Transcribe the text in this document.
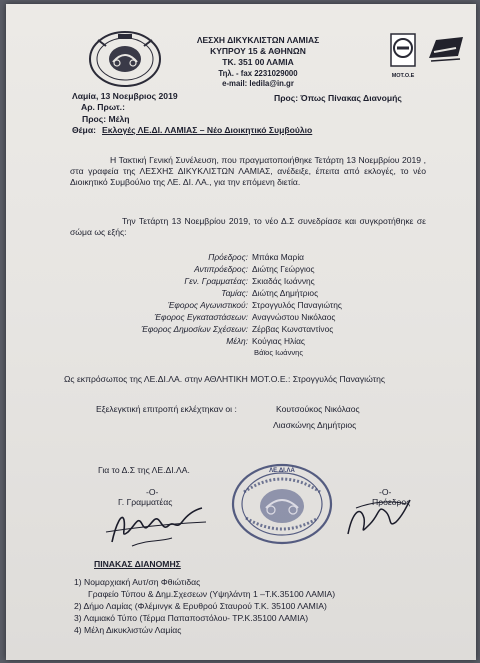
ΛΕΣΧΗ ΔΙΚΥΚΛΙΣΤΩΝ ΛΑΜΙΑΣ
ΚΥΠΡΟΥ 15 & ΑΘΗΝΩΝ
ΤΚ. 351 00 ΛΑΜΙΑ
Τηλ. - fax 2231029000
e-mail: ledila@in.gr
ΜΟΤ.Ο.Ε
Λαμία, 13 Νοεμβριος 2019
Αρ. Πρωτ.:
Προς: Όπως Πίνακας Διανομής
Προς: Μέλη
Θέμα: Εκλογές ΛΕ.ΔΙ. ΛΑΜΙΑΣ – Νέο Διοικητικό Συμβούλιο
Η Τακτική Γενική Συνέλευση, που πραγματοποιήθηκε Τετάρτη 13 Νοεμβρίου 2019 , στα γραφεία της ΛΕΣΧΗΣ ΔΙΚΥΚΛΙΣΤΩΝ ΛΑΜΙΑΣ, ανέδειξε, έπειτα από εκλογές, το νέο Διοικητικό Συμβούλιο της ΛΕ. ΔΙ. ΛΑ., για την επόμενη διετία.
Την Τετάρτη 13 Νοεμβρίου 2019, το νέο Δ.Σ συνεδρίασε και συγκροτήθηκε σε σώμα ως εξής:
Πρόεδρος: Μπάκα Μαρία
Αντιπρόεδρος: Διώτης Γεώργιος
Γεν. Γραμματέας: Σκιαδάς Ιωάννης
Ταμίας: Διώτης Δημήτριος
Έφορος Αγωνιστικού: Στρογγυλός Παναγιώτης
Έφορος Εγκαταστάσεων: Αναγνώστου Νικόλαος
Έφορος Δημοσίων Σχέσεων: Ζέρβας Κωνσταντίνος
Μέλη: Κούγιας Ηλίας
Βάϊος Ιωάννης
Ως εκπρόσωπος της ΛΕ.ΔΙ.ΛΑ. στην ΑΘΛΗΤΙΚΗ ΜΟΤ.Ο.Ε.: Στρογγυλός Παναγιώτης
Εξελεγκτική επιτροπή εκλέχτηκαν οι :	Κουτσούκος Νικόλαος
Λιασκώνης Δημήτριος
Για το Δ.Σ της ΛΕ.ΔΙ.ΛΑ.
-Ο-
Γ. Γραμματέας
-Ο-
Πρόεδρος
ΛΕ.ΔΙ.ΛΑ
ΠΙΝΑΚΑΣ ΔΙΑΝΟΜΗΣ
1) Νομαρχιακή Αυτ/ση Φθιώτιδας
Γραφείο Τύπου & Δημ.Σχεσεων (Υψηλάντη 1 –Τ.Κ.35100 ΛΑΜΙΑ)
2) Δήμο Λαμίας (Φλέμινγκ & Ερυθρού Σταυρού Τ.Κ. 35100 ΛΑΜΙΑ)
3) Λαμιακό Τύπο (Τέρμα Παπαποστόλου- ΤΡ.Κ.35100 ΛΑΜΙΑ)
4) Μέλη Δικυκλιστών Λαμίας
